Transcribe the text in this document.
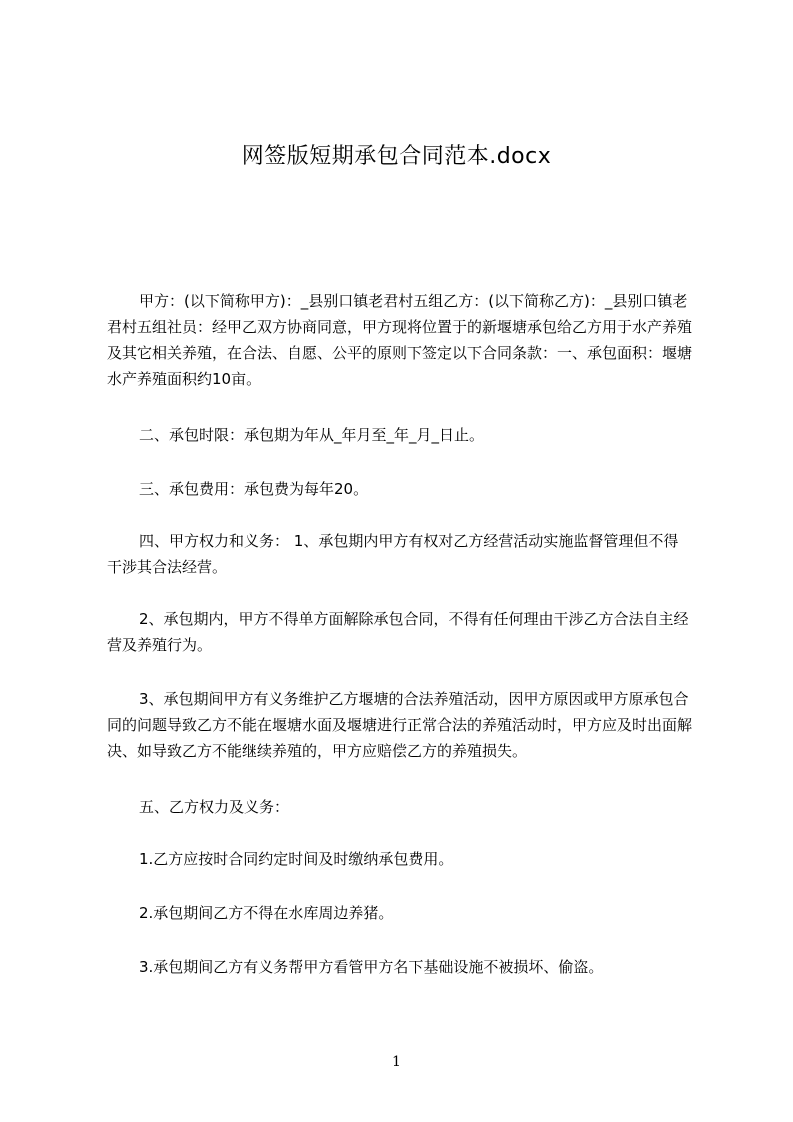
网签版短期承包合同范本.docx
甲方：(以下简称甲方)：_县别口镇老君村五组乙方：(以下简称乙方)：_县别口镇老君村五组社员：经甲乙双方协商同意，甲方现将位置于的新堰塘承包给乙方用于水产养殖及其它相关养殖，在合法、自愿、公平的原则下签定以下合同条款：一、承包面积：堰塘水产养殖面积约10亩。
二、承包时限：承包期为年从_年月至_年_月_日止。
三、承包费用：承包费为每年20。
四、甲方权力和义务： 1、承包期内甲方有权对乙方经营活动实施监督管理但不得干涉其合法经营。
2、承包期内，甲方不得单方面解除承包合同，不得有任何理由干涉乙方合法自主经营及养殖行为。
3、承包期间甲方有义务维护乙方堰塘的合法养殖活动，因甲方原因或甲方原承包合同的问题导致乙方不能在堰塘水面及堰塘进行正常合法的养殖活动时，甲方应及时出面解决、如导致乙方不能继续养殖的，甲方应赔偿乙方的养殖损失。
五、乙方权力及义务：
1.乙方应按时合同约定时间及时缴纳承包费用。
2.承包期间乙方不得在水库周边养猪。
3.承包期间乙方有义务帮甲方看管甲方名下基础设施不被损坏、偷盗。
1
